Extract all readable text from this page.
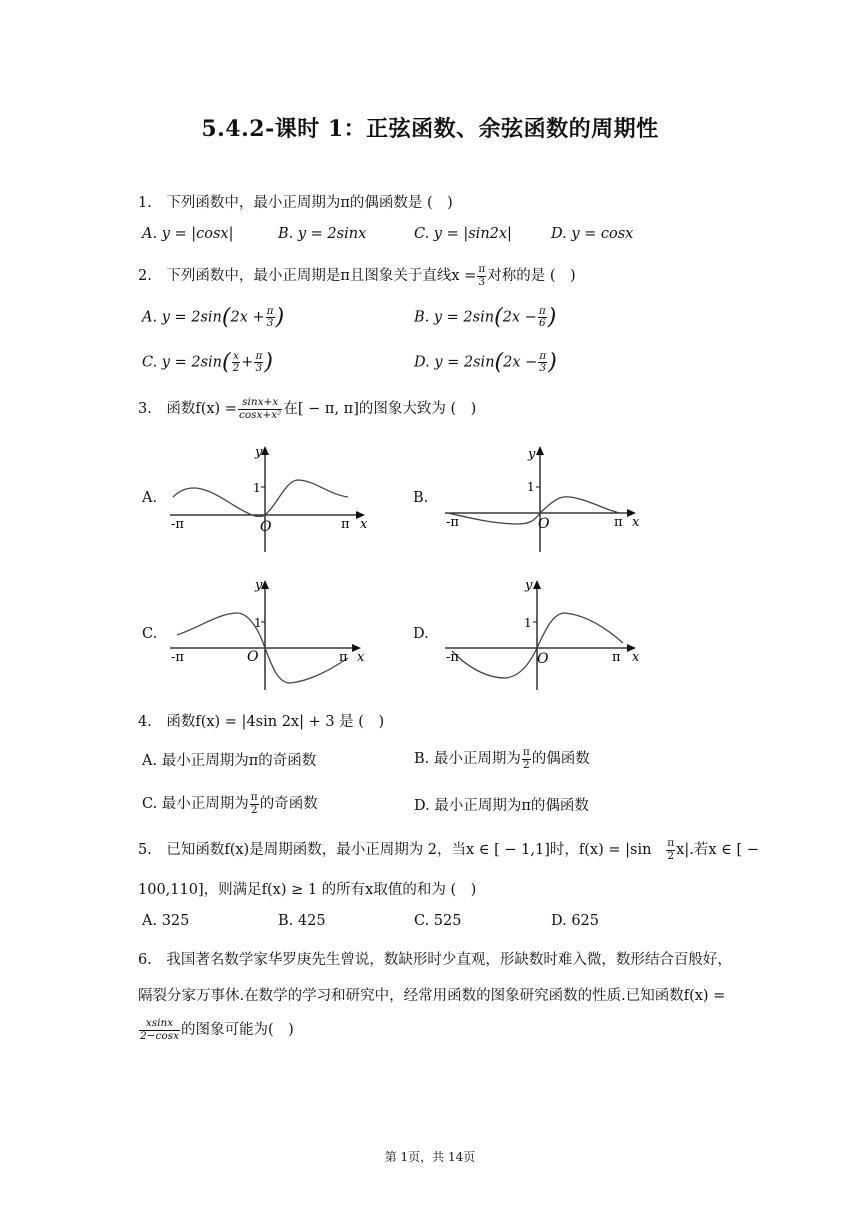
5.4.2-课时 1：正弦函数、余弦函数的周期性
1.　下列函数中，最小正周期为π的偶函数是 (　)
A. y = |cosx|	B. y = 2sinx	C. y = |sin2x|	D. y = cosx
2.　下列函数中，最小正周期是π且图象关于直线$x = \frac{\pi}{3}$ 对称的是 (　)
A. $y = 2\sin(2x + \frac{\pi}{3}$ )	B. $y = 2\sin(2x - \frac{\pi}{6}$ )
C. $y = 2\sin( \frac{x}{2} + \frac{\pi}{3}$ )	D. $y = 2\sin(2x - \frac{\pi}{3}$ )
3.　函数$f(x) = \frac{\sin x+x}{\text{cosx+x²}}$ 在[ − π, π]的图象大致为 (　)
A.	B.
C.	D.
y
1
O
-π	π x
y
1
O
-π	π x
y
1
O
-π	π x
y
1
O
-π	π x
4.　函数f(x) = |4sin 2x| + 3 是 (　)
A. 最小正周期为π的奇函数	B. 最小正周期为 $\frac{\pi}{2}$ 的偶函数
C. 最小正周期为 $\frac{\pi}{2}$ 的奇函数	D. 最小正周期为π的偶函数
5.　已知函数f(x)是周期函数，最小正周期为 2，当x ∈ [ − 1,1]时，$f(x) = |\sin \frac{\pi}{2} x|$.若x ∈ [ −
100,110]，则满足f(x) ≥ 1 的所有x取值的和为 (　)
A. 325	B. 425	C. 525	D. 625
6.　我国著名数学家华罗庚先生曾说，数缺形时少直观，形缺数时难入微，数形结合百般好，
隔裂分家万事休.在数学的学习和研究中，经常用函数的图象研究函数的性质.已知函数f(x) =
$\frac{xsinx}{2-\cos x}$ 的图象可能为(　)
第 1页，共 14页
